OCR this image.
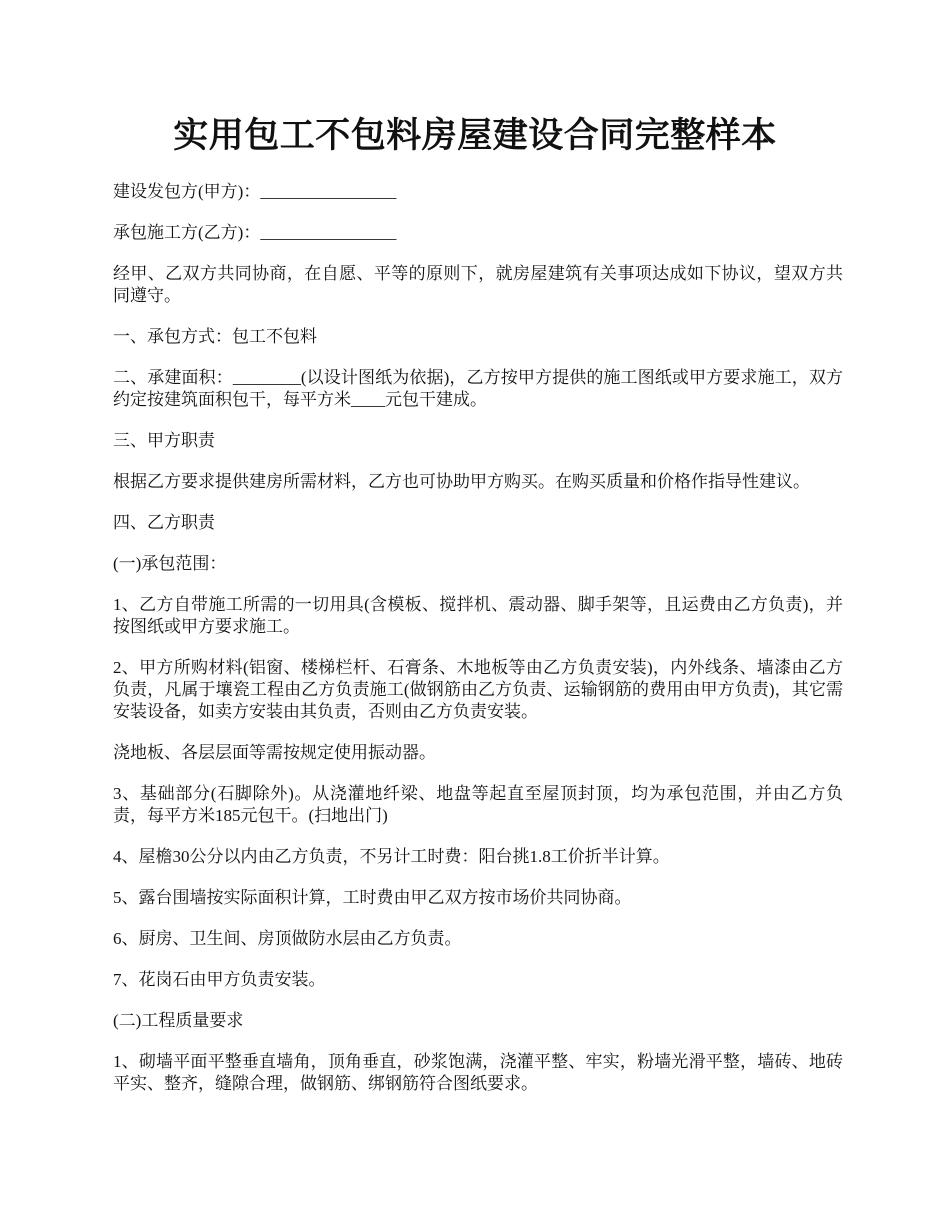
实用包工不包料房屋建设合同完整样本

建设发包方(甲方)：________________

承包施工方(乙方)：________________

经甲、乙双方共同协商，在自愿、平等的原则下，就房屋建筑有关事项达成如下协议，望双方共同遵守。

一、承包方式：包工不包料

二、承建面积：________(以设计图纸为依据)，乙方按甲方提供的施工图纸或甲方要求施工，双方约定按建筑面积包干，每平方米____元包干建成。

三、甲方职责

根据乙方要求提供建房所需材料，乙方也可协助甲方购买。在购买质量和价格作指导性建议。

四、乙方职责

(一)承包范围：

1、乙方自带施工所需的一切用具(含模板、搅拌机、震动器、脚手架等，且运费由乙方负责)，并按图纸或甲方要求施工。

2、甲方所购材料(铝窗、楼梯栏杆、石膏条、木地板等由乙方负责安装)，内外线条、墙漆由乙方负责，凡属于壤瓷工程由乙方负责施工(做钢筋由乙方负责、运输钢筋的费用由甲方负责)，其它需安装设备，如卖方安装由其负责，否则由乙方负责安装。

浇地板、各层层面等需按规定使用振动器。

3、基础部分(石脚除外)。从浇灌地纤梁、地盘等起直至屋顶封顶，均为承包范围，并由乙方负责，每平方米185元包干。(扫地出门)

4、屋檐30公分以内由乙方负责，不另计工时费：阳台挑1.8工价折半计算。

5、露台围墙按实际面积计算，工时费由甲乙双方按市场价共同协商。

6、厨房、卫生间、房顶做防水层由乙方负责。

7、花岗石由甲方负责安装。

(二)工程质量要求

1、砌墙平面平整垂直墙角，顶角垂直，砂浆饱满，浇灌平整、牢实，粉墙光滑平整，墙砖、地砖平实、整齐，缝隙合理，做钢筋、绑钢筋符合图纸要求。
